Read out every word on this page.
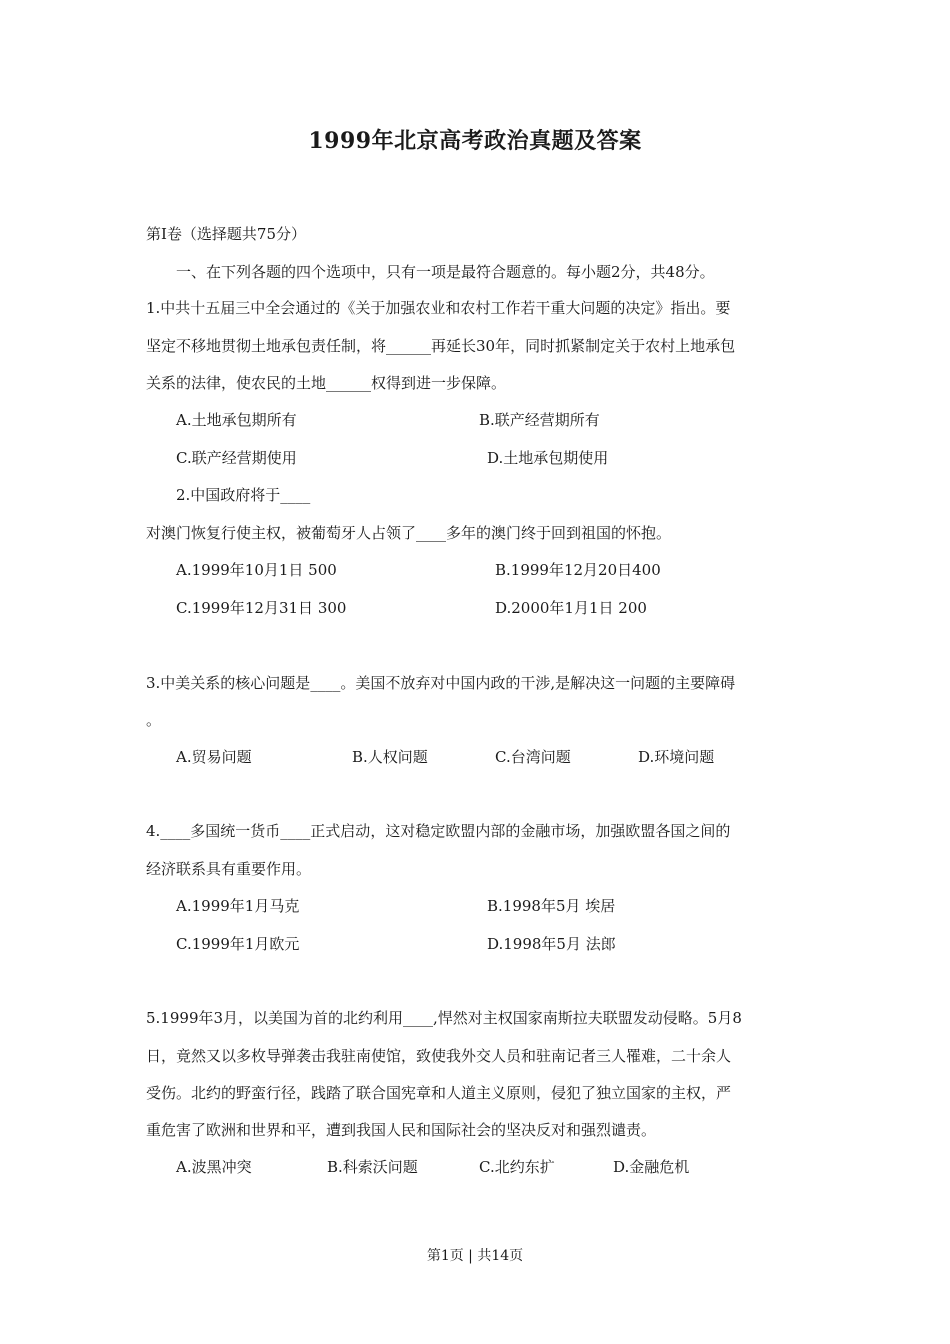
1999年北京高考政治真题及答案
第Ⅰ卷（选择题共75分）
一、在下列各题的四个选项中，只有一项是最符合题意的。每小题2分，共48分。
1.中共十五届三中全会通过的《关于加强农业和农村工作若干重大问题的决定》指出。要
坚定不移地贯彻土地承包责任制，将______再延长30年，同时抓紧制定关于农村上地承包
关系的法律，使农民的土地______权得到进一步保障。
A.土地承包期所有	B.联产经营期所有
C.联产经营期使用	D.土地承包期使用
2.中国政府将于____
对澳门恢复行使主权，被葡萄牙人占领了____多年的澳门终于回到祖国的怀抱。
A.1999年10月1日 500	B.1999年12月20日400
C.1999年12月31日 300	D.2000年1月1日 200
3.中美关系的核心问题是____。美国不放弃对中国内政的干涉,是解决这一问题的主要障碍
。
A.贸易问题	B.人权问题	C.台湾问题	D.环境问题
4.____多国统一货币____正式启动，这对稳定欧盟内部的金融市场，加强欧盟各国之间的
经济联系具有重要作用。
A.1999年1月马克	B.1998年5月 埃居
C.1999年1月欧元	D.1998年5月 法郎
5.1999年3月，以美国为首的北约利用____,悍然对主权国家南斯拉夫联盟发动侵略。5月8
日，竟然又以多枚导弹袭击我驻南使馆，致使我外交人员和驻南记者三人罹难，二十余人
受伤。北约的野蛮行径，践踏了联合国宪章和人道主义原则，侵犯了独立国家的主权，严
重危害了欧洲和世界和平，遭到我国人民和国际社会的坚决反对和强烈谴责。
A.波黑冲突	B.科索沃问题	C.北约东扩	D.金融危机
第1页 | 共14页
